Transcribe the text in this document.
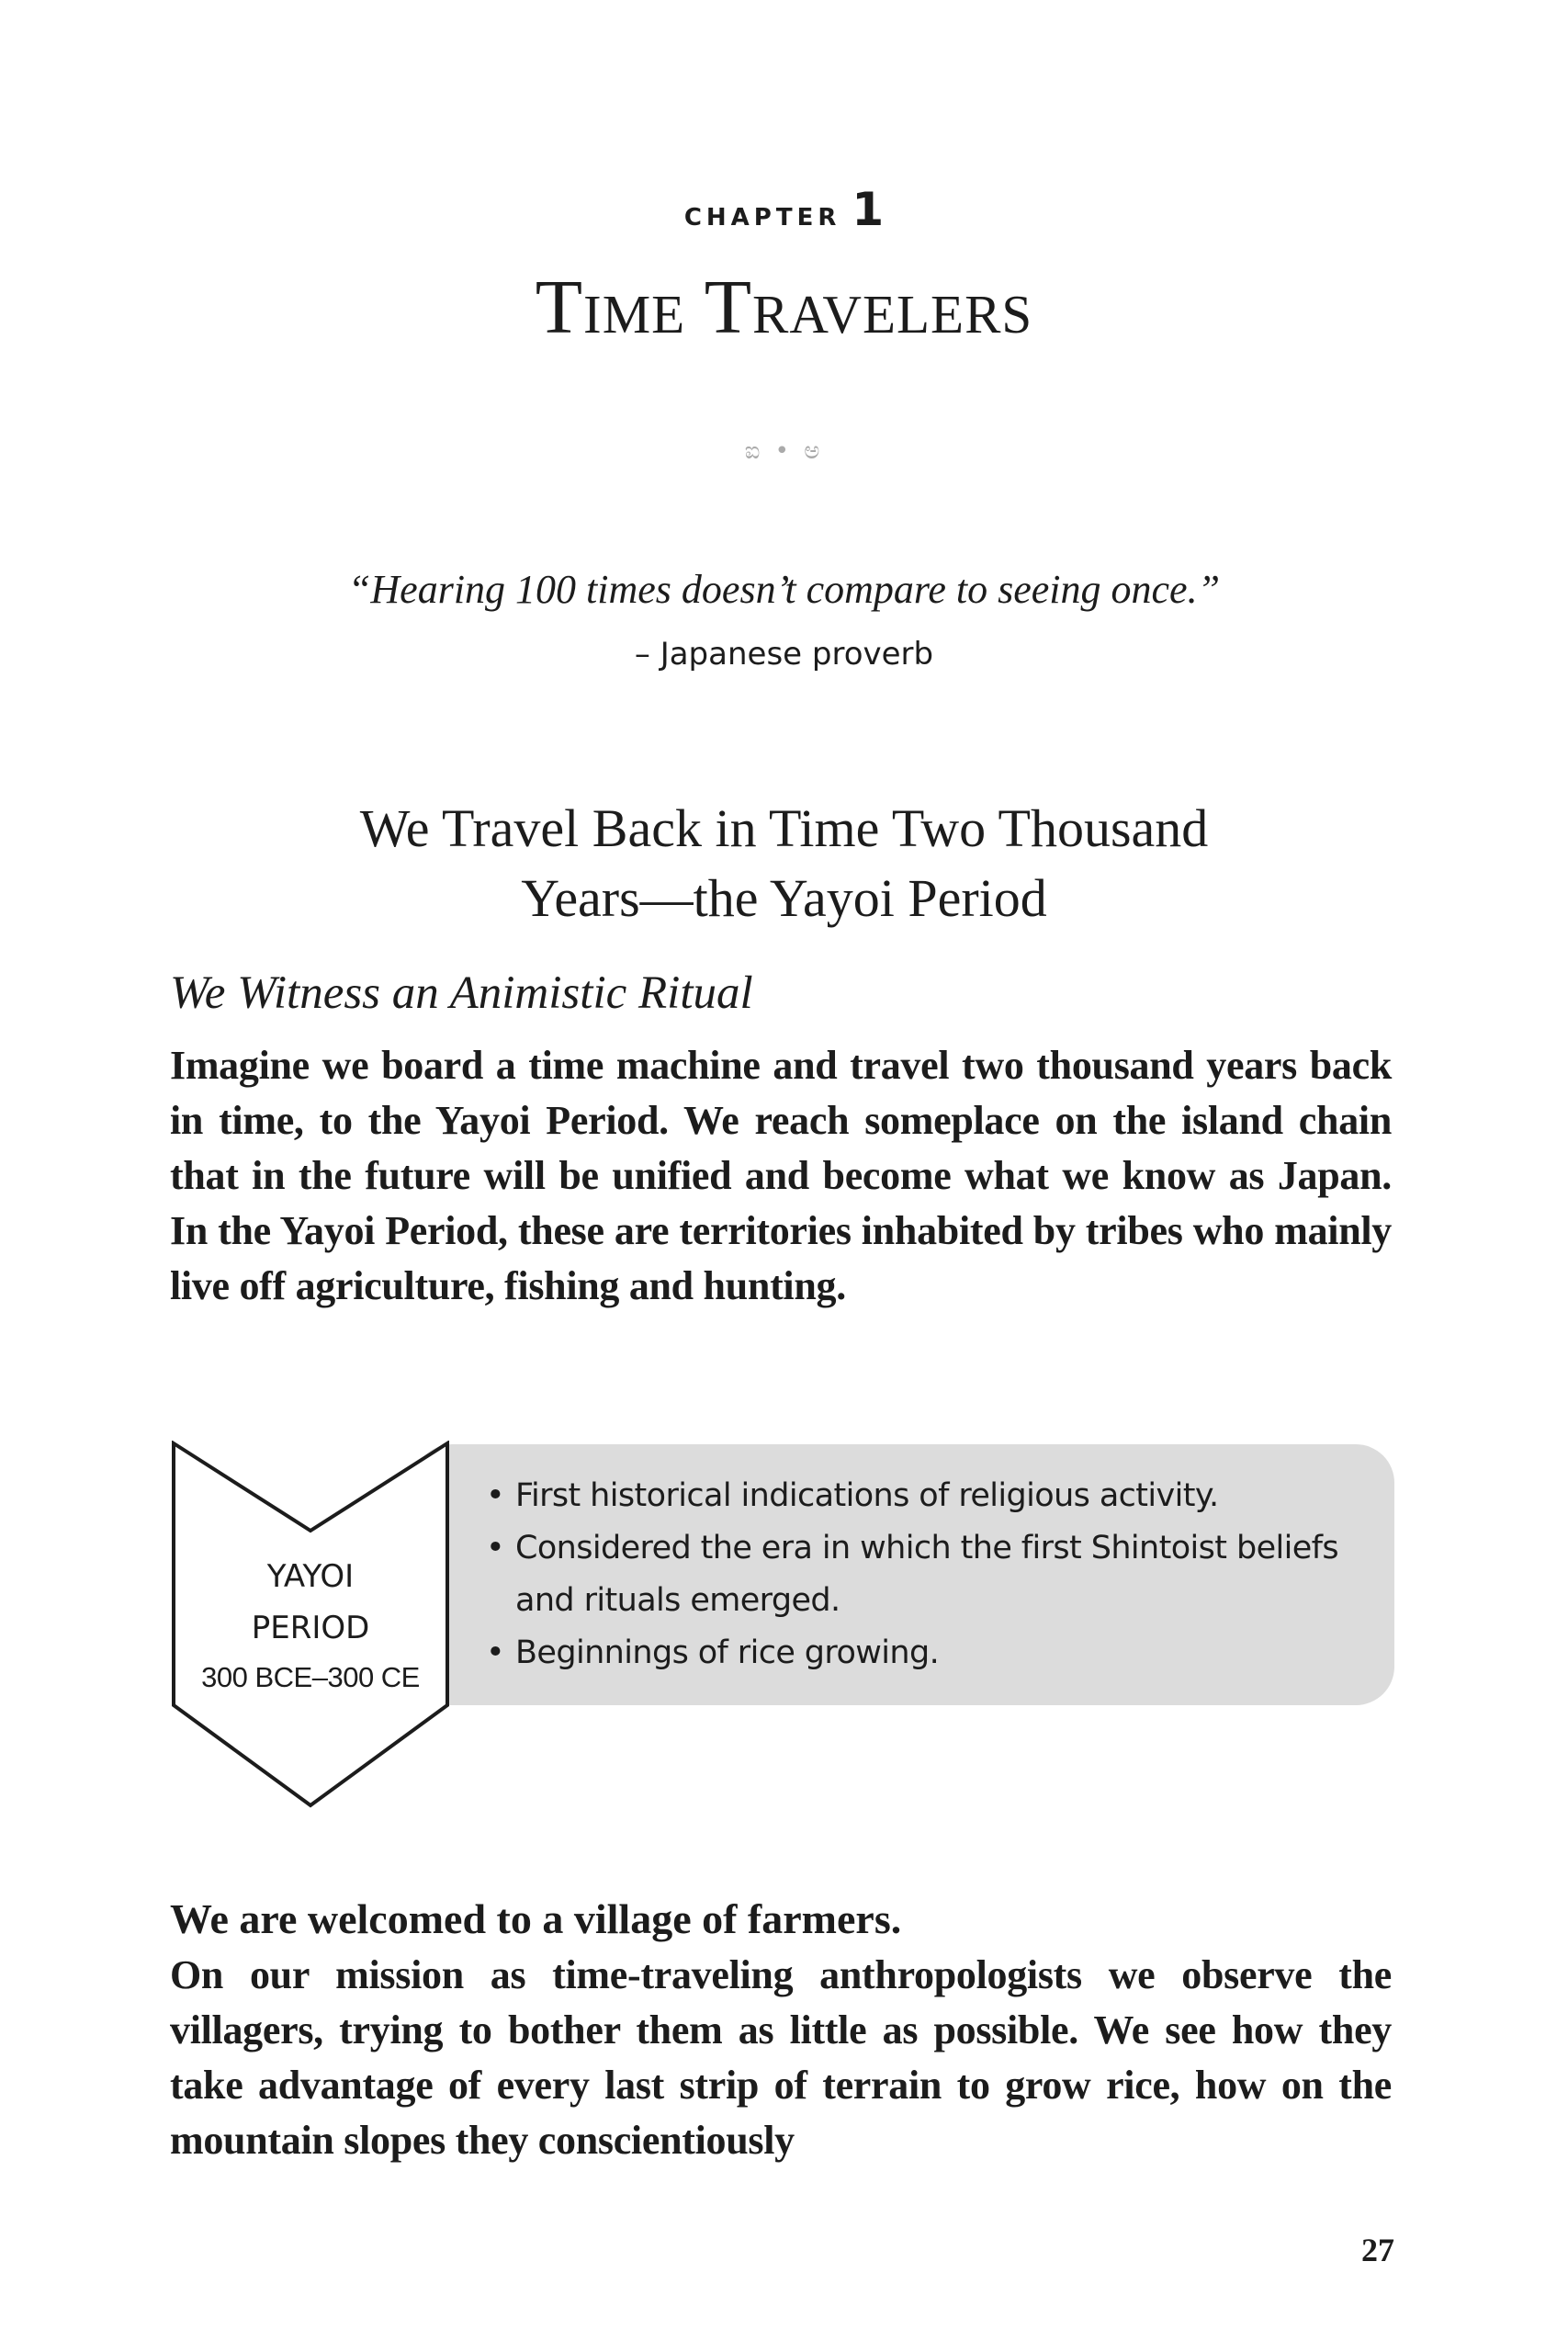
chapter 1
Time Travelers
ಐ • ಅ
“Hearing 100 times doesn’t compare to seeing once.”
– Japanese proverb
We Travel Back in Time Two Thousand
Years—the Yayoi Period
We Witness an Animistic Ritual
Imagine we board a time machine and travel two thousand years back in time, to the Yayoi Period. We reach someplace on the island chain that in the future will be unified and become what we know as Japan. In the Yayoi Period, these are territories inhabited by tribes who mainly live off agriculture, fishing and hunting.
YAYOI
PERIOD
300 BCE–300 CE
• First historical indications of religious activity.
• Considered the era in which the first Shintoist beliefs and rituals emerged.
• Beginnings of rice growing.
We are welcomed to a village of farmers.
On our mission as time-traveling anthropologists we observe the villagers, trying to bother them as little as possible. We see how they take advantage of every last strip of terrain to grow rice, how on the mountain slopes they conscientiously
27
